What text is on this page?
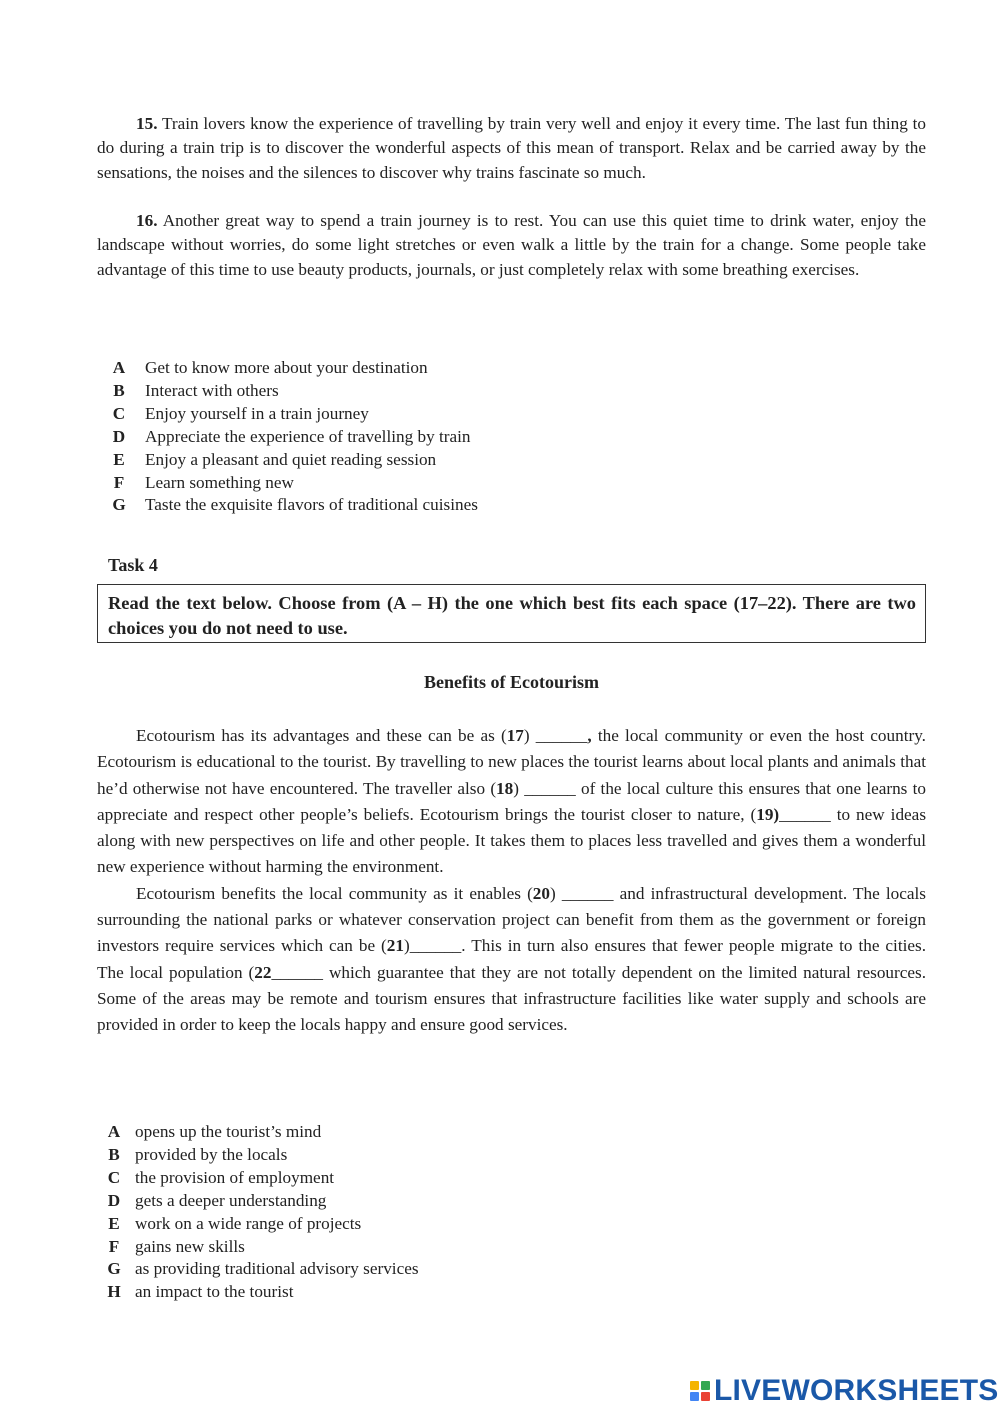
15. Train lovers know the experience of travelling by train very well and enjoy it every time. The last fun thing to do during a train trip is to discover the wonderful aspects of this mean of transport. Relax and be carried away by the sensations, the noises and the silences to discover why trains fascinate so much.

16. Another great way to spend a train journey is to rest. You can use this quiet time to drink water, enjoy the landscape without worries, do some light stretches or even walk a little by the train for a change. Some people take advantage of this time to use beauty products, journals, or just completely relax with some breathing exercises.

A Get to know more about your destination
B Interact with others
C Enjoy yourself in a train journey
D Appreciate the experience of travelling by train
E Enjoy a pleasant and quiet reading session
F Learn something new
G Taste the exquisite flavors of traditional cuisines
Task 4
Read the text below. Choose from (A – H) the one which best fits each space (17–22). There are two choices you do not need to use.
Benefits of Ecotourism

Ecotourism has its advantages and these can be as (17) ______, the local community or even the host country. Ecotourism is educational to the tourist. By travelling to new places the tourist learns about local plants and animals that he’d otherwise not have encountered. The traveller also (18) ______ of the local culture this ensures that one learns to appreciate and respect other people’s beliefs. Ecotourism brings the tourist closer to nature, (19)______ to new ideas along with new perspectives on life and other people. It takes them to places less travelled and gives them a wonderful new experience without harming the environment.

Ecotourism benefits the local community as it enables (20) ______ and infrastructural development. The locals surrounding the national parks or whatever conservation project can benefit from them as the government or foreign investors require services which can be (21)______. This in turn also ensures that fewer people migrate to the cities. The local population (22______ which guarantee that they are not totally dependent on the limited natural resources. Some of the areas may be remote and tourism ensures that infrastructure facilities like water supply and schools are provided in order to keep the locals happy and ensure good services.

A opens up the tourist’s mind
B provided by the locals
C the provision of employment
D gets a deeper understanding
E work on a wide range of projects
F gains new skills
G as providing traditional advisory services
H an impact to the tourist
LIVEWORKSHEETS
